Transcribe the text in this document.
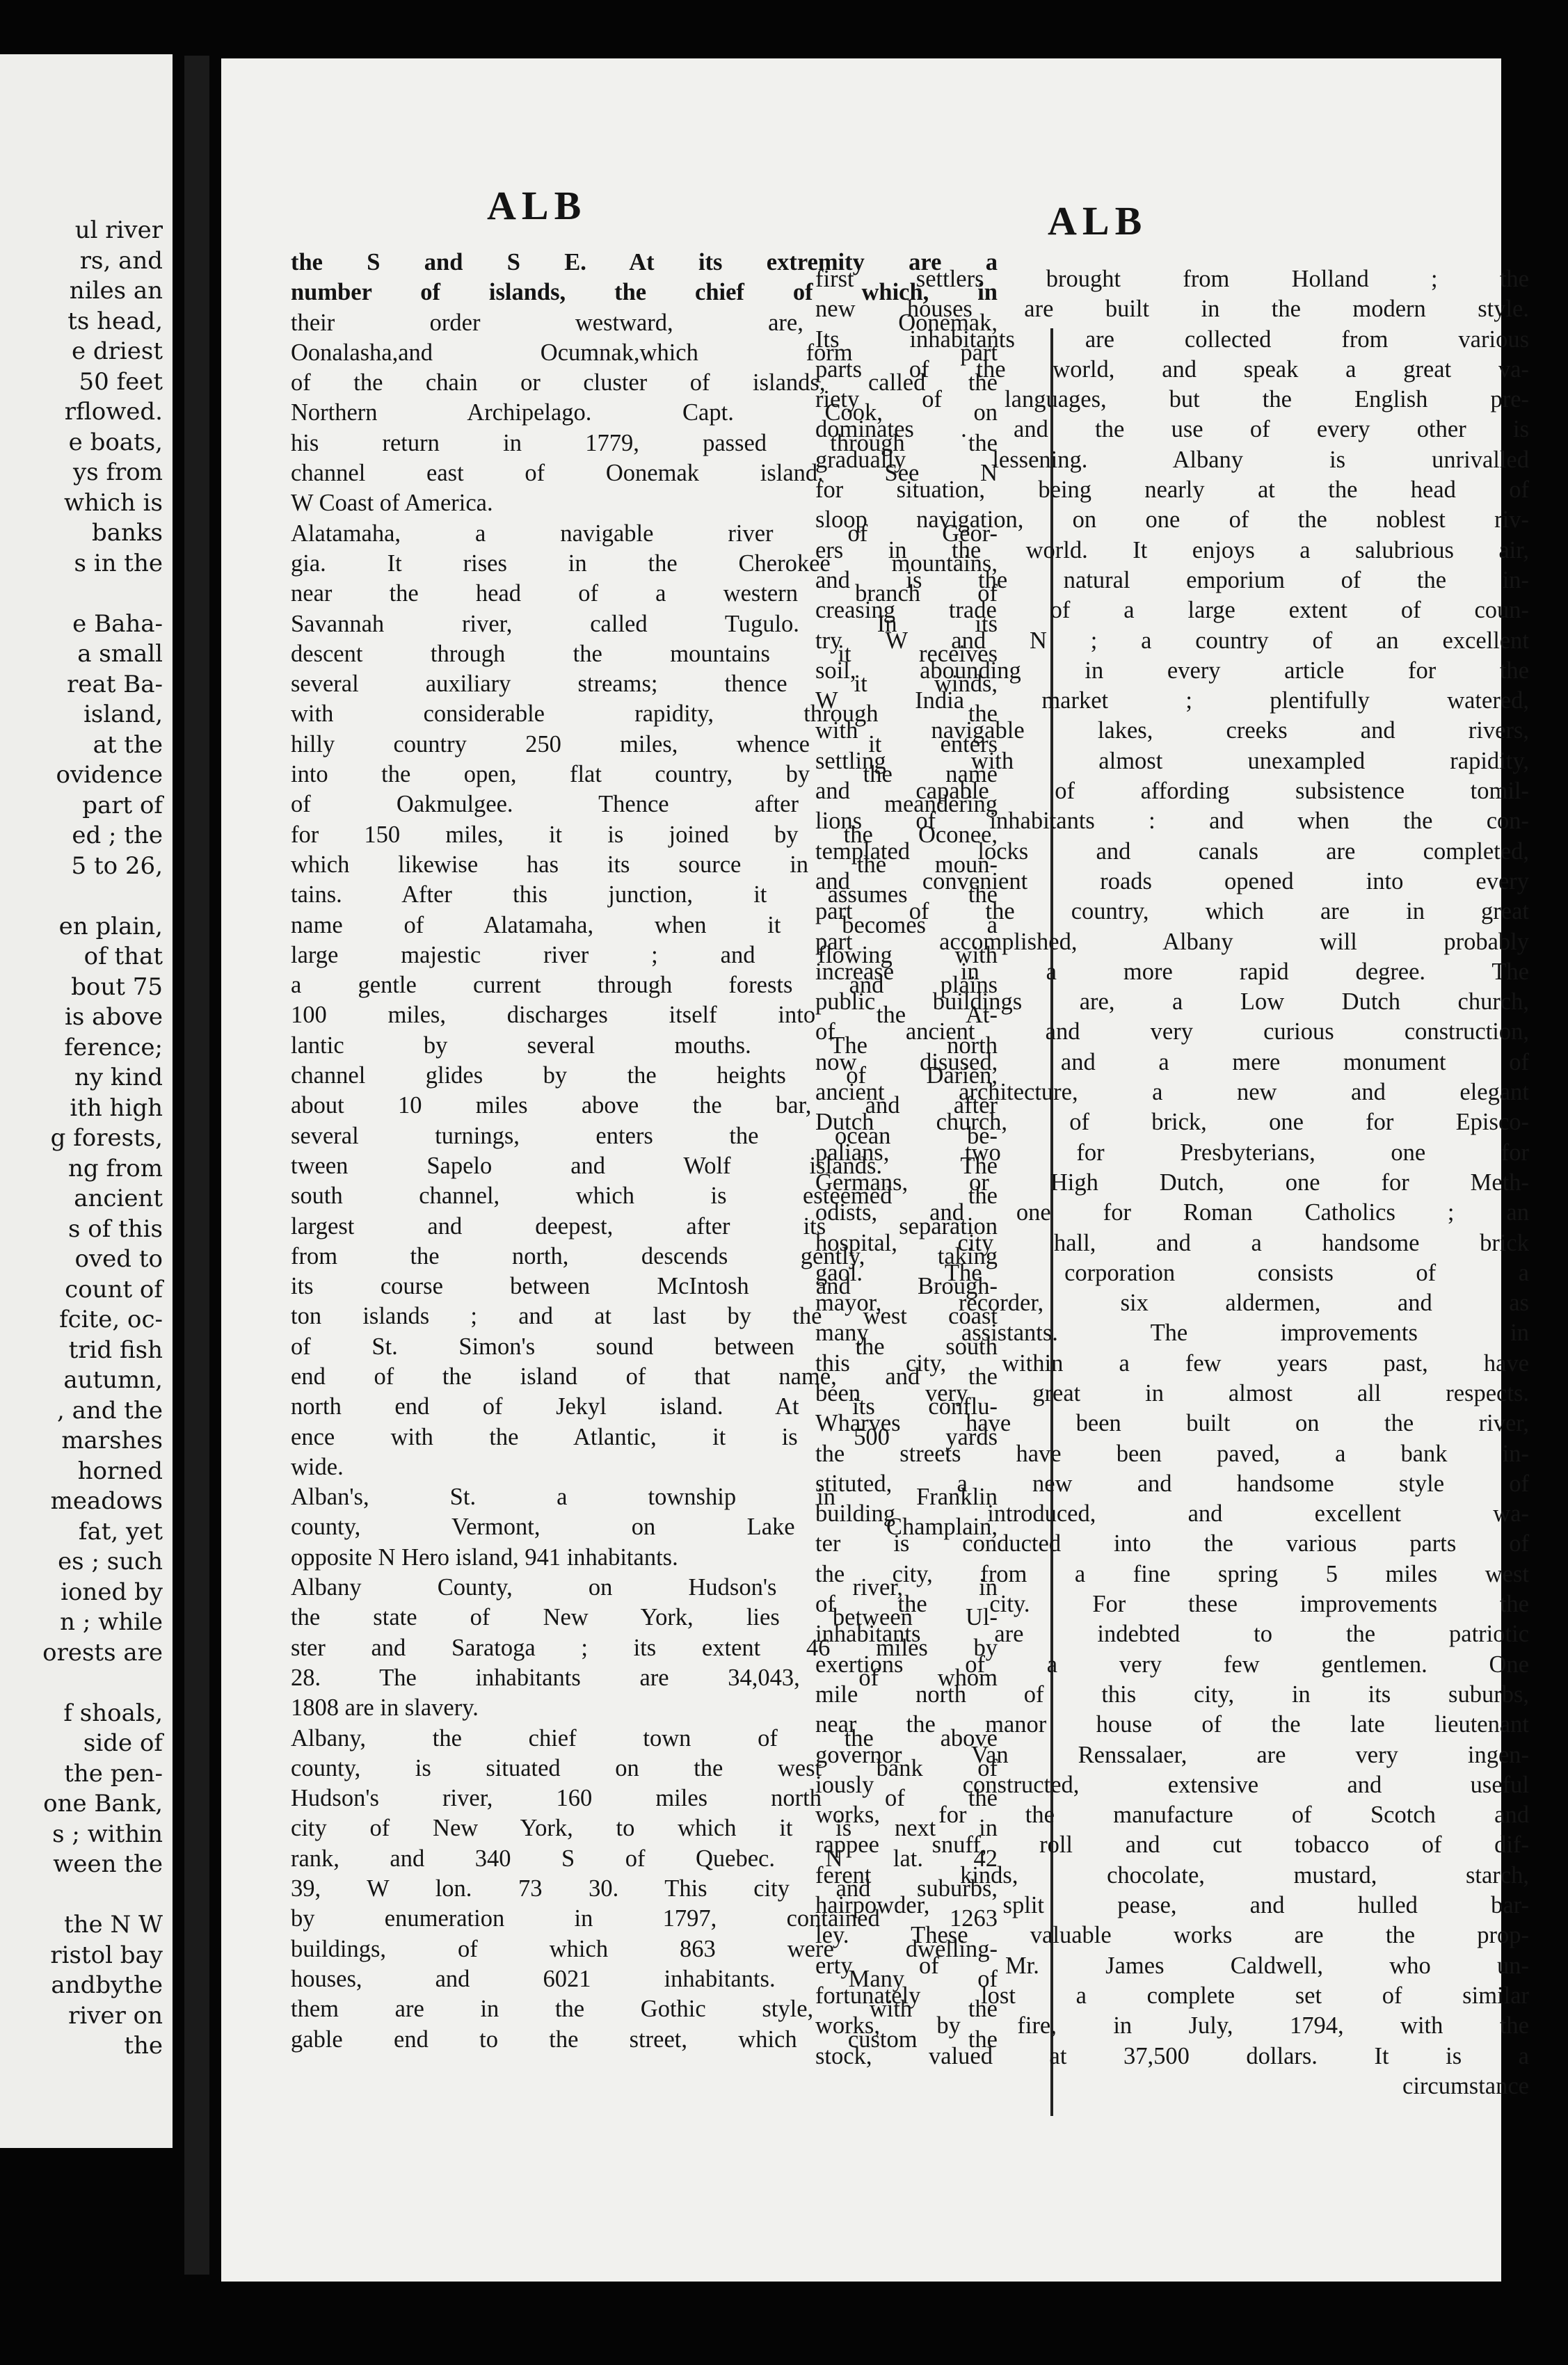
ul river
rs, and
niles an
ts head,
e driest
50 feet
rflowed.
e boats,
ys from
which is
banks
s in the
e Baha-
a small
reat Ba-
island,
at the
ovidence
part of
ed ; the
5 to 26,
en plain,
of that
bout 75
is above
ference;
ny kind
ith high
g forests,
ng from
ancient
s of this
oved to
count of
fcite, oc-
trid fish
autumn,
, and the
marshes
horned
meadows
fat, yet
es ; such
ioned by
n ; while
orests are
f shoals,
side of
the pen-
one Bank,
s ; within
ween the
the N W
ristol bay
andbythe
river on
the
ALB	ALB
the S and S E. At its extremity are a
number of islands, the chief of which, in
their order westward, are, Oonemak,
Oonalasha,and Ocumnak,which form part
of the chain or cluster of islands, called the
Northern Archipelago. Capt. Cook, on
his return in 1779, passed through the
channel east of Oonemak island. See N
W Coast of America.
Alatamaha, a navigable river of Geor-
gia. It rises in the Cherokee mountains,
near the head of a western branch of
Savannah river, called Tugulo. In its
descent through the mountains it receives
several auxiliary streams; thence it winds,
with considerable rapidity, through the
hilly country 250 miles, whence it enters
into the open, flat country, by the name
of Oakmulgee. Thence after meandering
for 150 miles, it is joined by the Oconee,
which likewise has its source in the moun-
tains. After this junction, it assumes the
name of Alatamaha, when it becomes a
large majestic river ; and flowing with
a gentle current through forests and plains
100 miles, discharges itself into the At-
lantic by several mouths. The north
channel glides by the heights of Darien,
about 10 miles above the bar, and after
several turnings, enters the ocean be-
tween Sapelo and Wolf islands. The
south channel, which is esteemed the
largest and deepest, after its separation
from the north, descends gently, taking
its course between McIntosh and Brough-
ton islands ; and at last by the west coast
of St. Simon's sound between the south
end of the island of that name, and the
north end of Jekyl island. At its conflu-
ence with the Atlantic, it is 500 yards
wide.
Alban's, St. a township in Franklin
county, Vermont, on Lake Champlain,
opposite N Hero island, 941 inhabitants.
Albany County, on Hudson's river, in
the state of New York, lies between Ul-
ster and Saratoga ; its extent 46 miles by
28. The inhabitants are 34,043, of whom
1808 are in slavery.
Albany, the chief town of the above
county, is situated on the west bank of
Hudson's river, 160 miles north of the
city of New York, to which it is next in
rank, and 340 S of Quebec. N lat. 42
39, W lon. 73 30. This city and suburbs,
by enumeration in 1797, contained 1263
buildings, of which 863 were dwelling-
houses, and 6021 inhabitants. Many of
them are in the Gothic style, with the
gable end to the street, which custom the
first settlers brought from Holland ; the
new houses are built in the modern style.
Its inhabitants are collected from various
parts of the world, and speak a great va-
riety of languages, but the English pre-
dominates . and the use of every other is
gradually lessening. Albany is unrivalled
for situation, being nearly at the head of
sloop navigation, on one of the noblest riv-
ers in the world. It enjoys a salubrious air,
and is the natural emporium of the in-
creasing trade of a large extent of coun-
try W and N ; a country of an excellent
soil, abounding in every article for the
W India market ; plentifully watered,
with navigable lakes, creeks and rivers,
settling with almost unexampled rapidity,
and capable of affording subsistence tomil-
lions of inhabitants : and when the con-
templated locks and canals are completed,
and convenient roads opened into every
part of the country, which are in great
part accomplished, Albany will probably
increase in a more rapid degree. The
public buildings are, a Low Dutch church,
of ancient and very curious construction,
now disused, and a mere monument of
ancient architecture, a new and elegant
Dutch church, of brick, one for Episco-
palians, two for Presbyterians, one for
Germans, or High Dutch, one for Meth-
odists, and one for Roman Catholics ; an
hospital, city hall, and a handsome brick
gaol. The corporation consists of a
mayor, recorder, six aldermen, and as
many assistants. The improvements in
this city, within a few years past, have
been very great in almost all respects.
Wharves have been built on the river,
the streets have been paved, a bank in-
stituted, a new and handsome style of
building introduced, and excellent wa-
ter is conducted into the various parts of
the city, from a fine spring 5 miles west
of the city. For these improvements the
inhabitants are indebted to the patriotic
exertions of a very few gentlemen. One
mile north of this city, in its suburbs,
near the manor house of the late lieutenant
governor Van Renssalaer, are very ingen-
iously constructed, extensive and useful
works, for the manufacture of Scotch and
rappee snuff, roll and cut tobacco of dif-
ferent kinds, chocolate, mustard, starch,
hairpowder, split pease, and hulled bar-
ley. These valuable works are the prop-
erty of Mr. James Caldwell, who un-
fortunately lost a complete set of similar
works, by fire, in July, 1794, with the
stock, valued at 37,500 dollars. It is a
circumstance
